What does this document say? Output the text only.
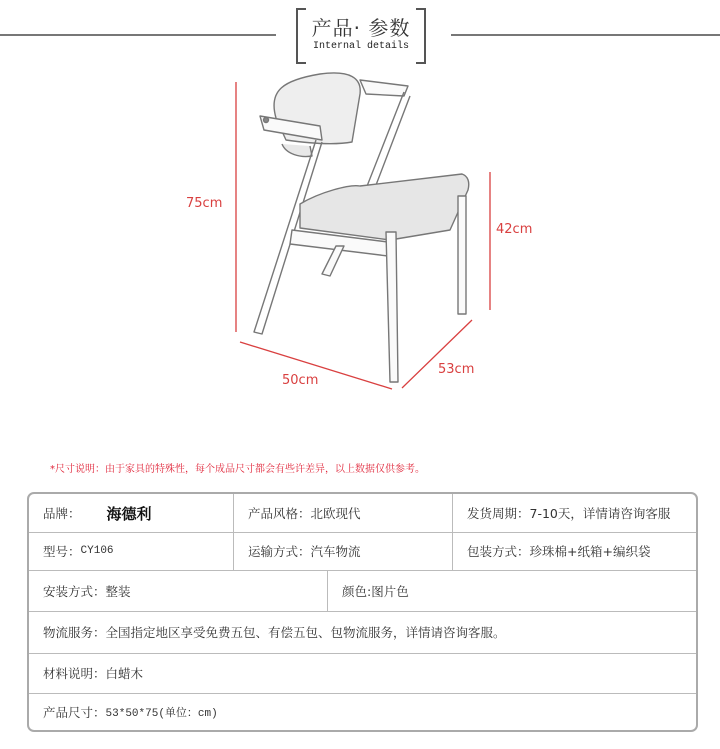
产品· 参数
Internal details
75cm
42cm
50cm
53cm
*尺寸说明：由于家具的特殊性，每个成品尺寸都会有些许差异，以上数据仅供参考。
品牌： 海德利	产品风格：北欧现代	发货周期：7-10天，详情请咨询客服
型号： CY106	运输方式：汽车物流	包装方式：珍珠棉+纸箱+编织袋
安装方式：整装	颜色:图片色
物流服务：全国指定地区享受免费五包、有偿五包、包物流服务，详情请咨询客服。
材料说明：白蜡木
产品尺寸： 53*50*75(单位：cm)
